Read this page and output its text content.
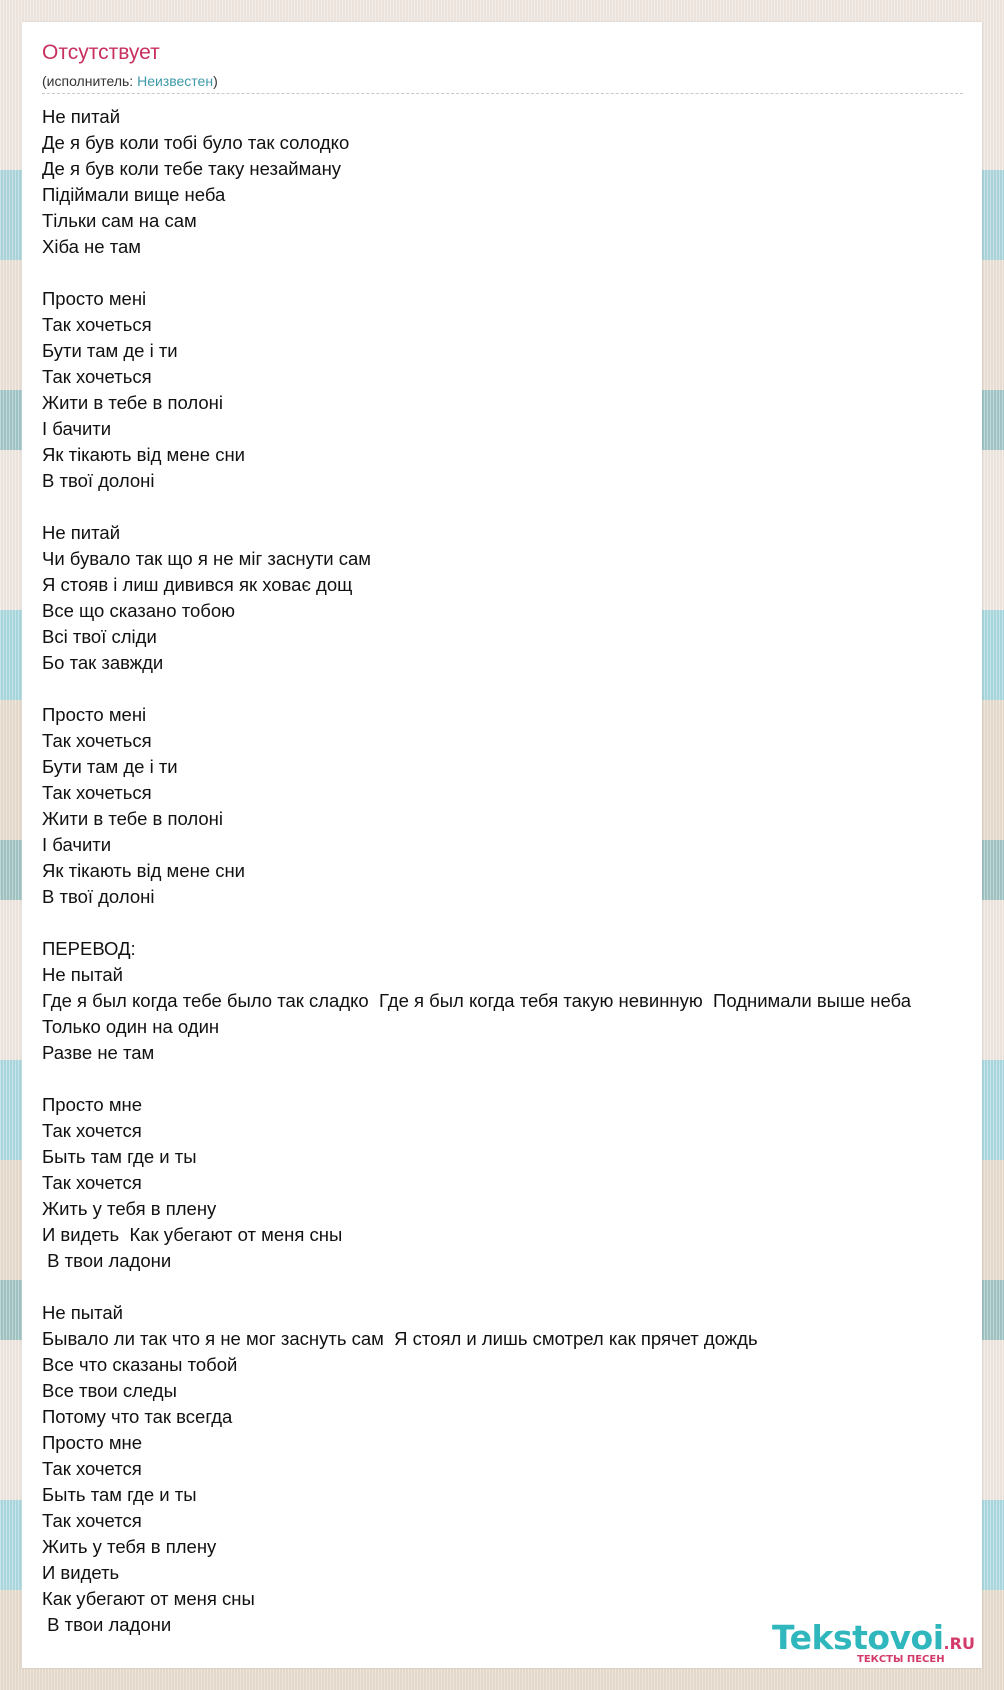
Отсутствует
(исполнитель: Неизвестен)
Не питай
Де я був коли тобі було так солодко
Де я був коли тебе таку незайману
Підіймали вище неба
Тільки сам на сам
Хіба не там

Просто мені
Так хочеться
Бути там де і ти
Так хочеться
Жити в тебе в полоні
І бачити
Як тікають від мене сни
В твої долоні

Не питай
Чи бувало так що я не міг заснути сам
Я стояв і лиш дивився як ховає дощ
Все що сказано тобою
Всі твої сліди
Бо так завжди

Просто мені
Так хочеться
Бути там де і ти
Так хочеться
Жити в тебе в полоні
І бачити
Як тікають від мене сни
В твої долоні

ПЕРЕВОД:
Не пытай
Где я был когда тебе было так сладко  Где я был когда тебя такую невинную  Поднимали выше неба
Только один на один
Разве не там

Просто мне
Так хочется
Быть там где и ты
Так хочется
Жить у тебя в плену
И видеть  Как убегают от меня сны
В твои ладони

Не пытай
Бывало ли так что я не мог заснуть сам  Я стоял и лишь смотрел как прячет дождь
Все что сказаны тобой
Все твои следы
Потому что так всегда
Просто мне
Так хочется
Быть там где и ты
Так хочется
Жить у тебя в плену
И видеть
Как убегают от меня сны
В твои ладони	Tekstovoi.RU
ТЕКСТЫ ПЕСЕН
